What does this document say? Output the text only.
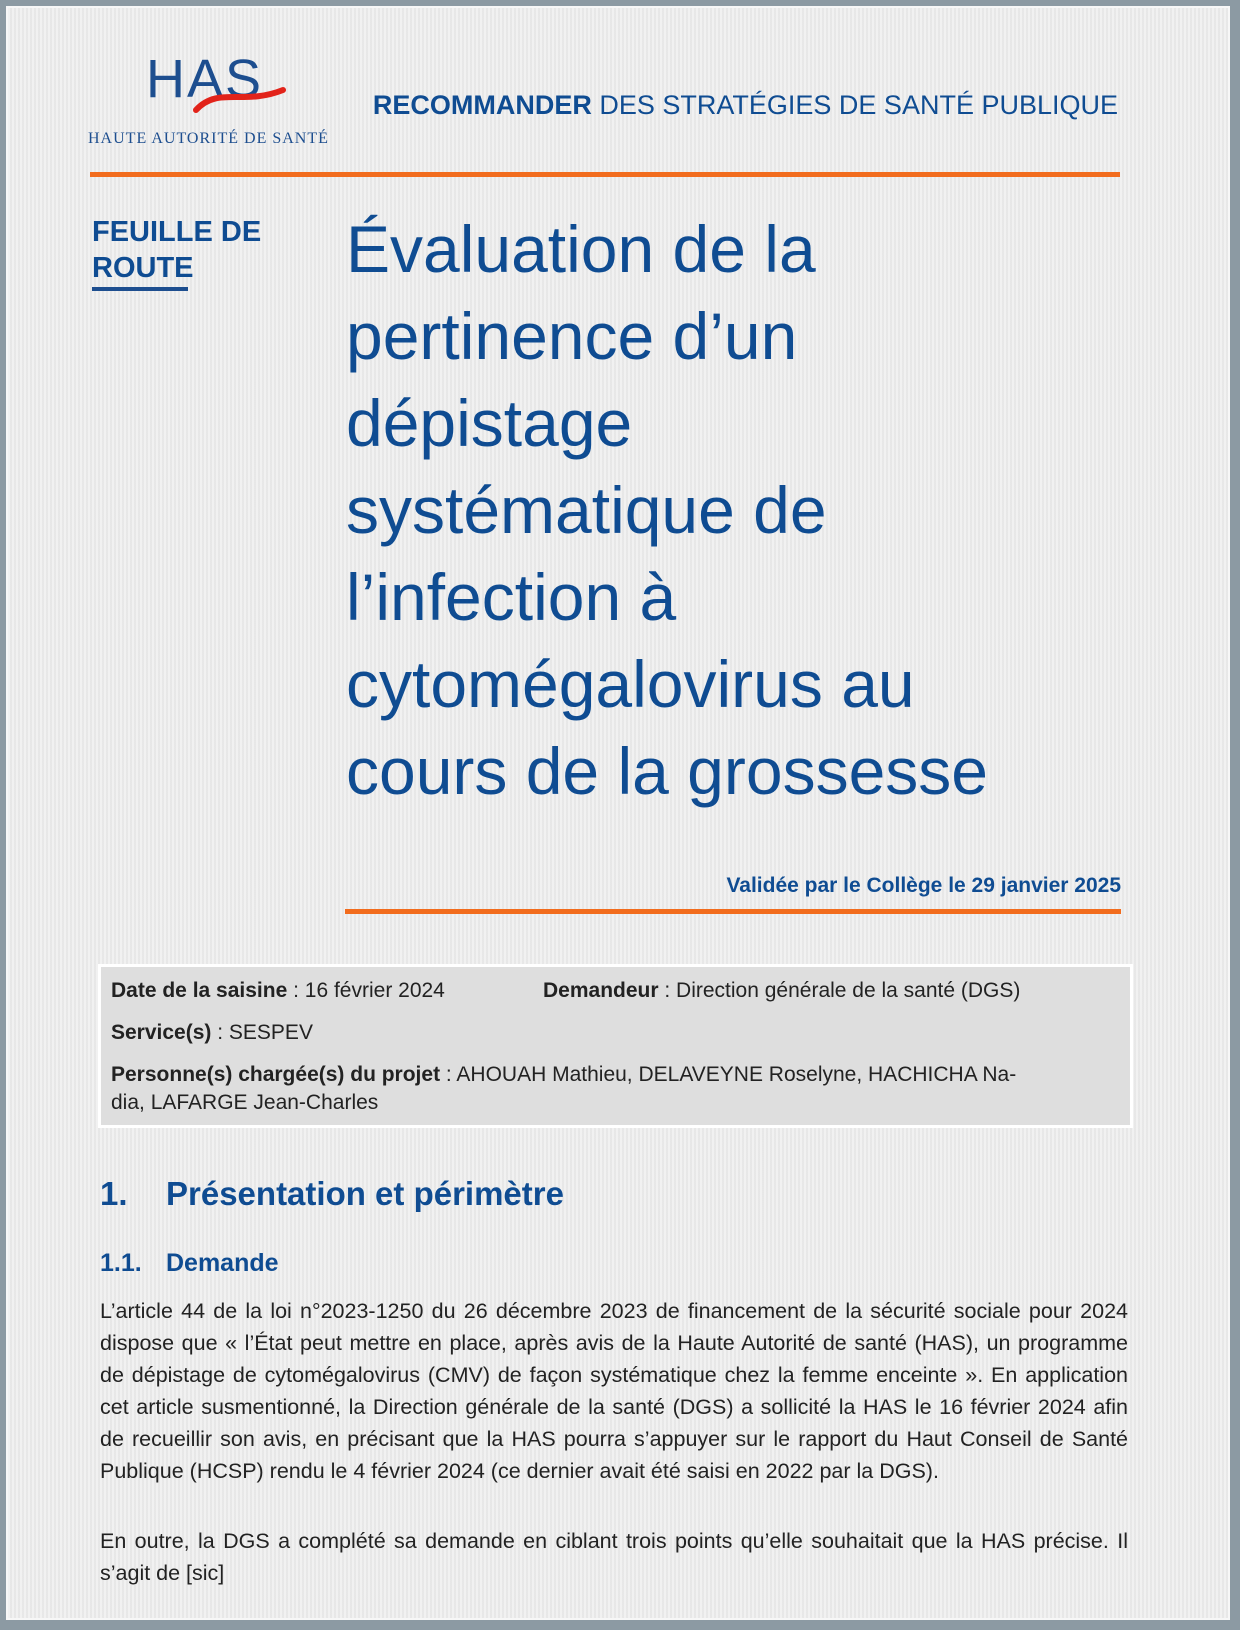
HAS
HAUTE AUTORITÉ DE SANTÉ
RECOMMANDER DES STRATÉGIES DE SANTÉ PUBLIQUE
FEUILLE DE
ROUTE	Évaluation de la
pertinence d’un
dépistage
systématique de
l’infection à
cytomégalovirus au
cours de la grossesse
Validée par le Collège le 29 janvier 2025
Date de la saisine : 16 février 2024	Demandeur : Direction générale de la santé (DGS)
Service(s) : SESPEV
Personne(s) chargée(s) du projet : AHOUAH Mathieu, DELAVEYNE Roselyne, HACHICHA Na-
dia, LAFARGE Jean-Charles
1. Présentation et périmètre
1.1. Demande
L’article 44 de la loi n°2023-1250 du 26 décembre 2023 de financement de la sécurité sociale pour 2024 dispose que « l’État peut mettre en place, après avis de la Haute Autorité de santé (HAS), un programme de dépistage de cytomégalovirus (CMV) de façon systématique chez la femme enceinte ». En application cet article susmentionné, la Direction générale de la santé (DGS) a sollicité la HAS le 16 février 2024 afin de recueillir son avis, en précisant que la HAS pourra s’appuyer sur le rapport du Haut Conseil de Santé Publique (HCSP) rendu le 4 février 2024 (ce dernier avait été saisi en 2022 par la DGS).
En outre, la DGS a complété sa demande en ciblant trois points qu’elle souhaitait que la HAS précise. Il s’agit de [sic]
